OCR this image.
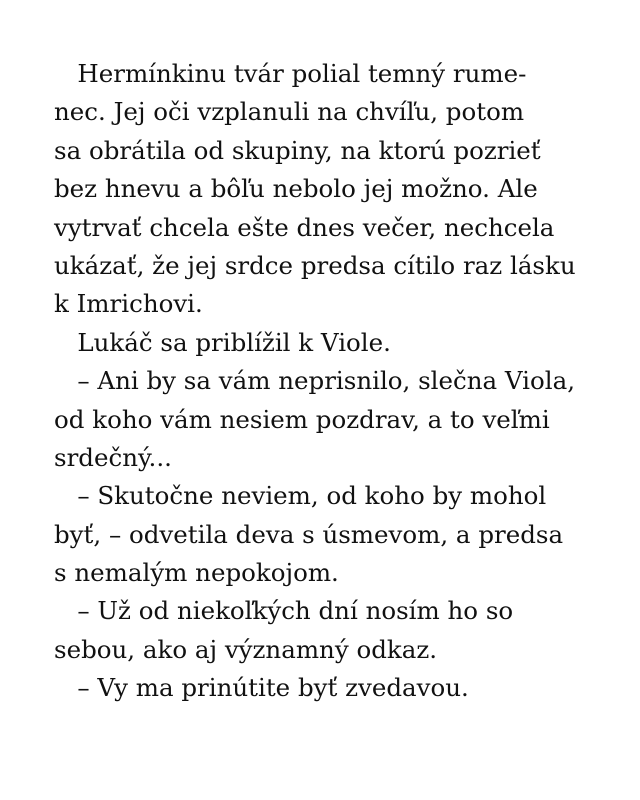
Hermínkinu tvár polial temný rume-
nec. Jej oči vzplanuli na chvíľu, potom
sa obrátila od skupiny, na ktorú pozrieť
bez hnevu a bôľu nebolo jej možno. Ale
vytrvať chcela ešte dnes večer, nechcela
ukázať, že jej srdce predsa cítilo raz lásku
k Imrichovi.
Lukáč sa priblížil k Viole.
– Ani by sa vám neprisnilo, slečna Viola,
od koho vám nesiem pozdrav, a to veľmi
srdečný...
– Skutočne neviem, od koho by mohol
byť, – odvetila deva s úsmevom, a predsa
s nemalým nepokojom.
– Už od niekoľkých dní nosím ho so
sebou, ako aj významný odkaz.
– Vy ma prinútite byť zvedavou.
